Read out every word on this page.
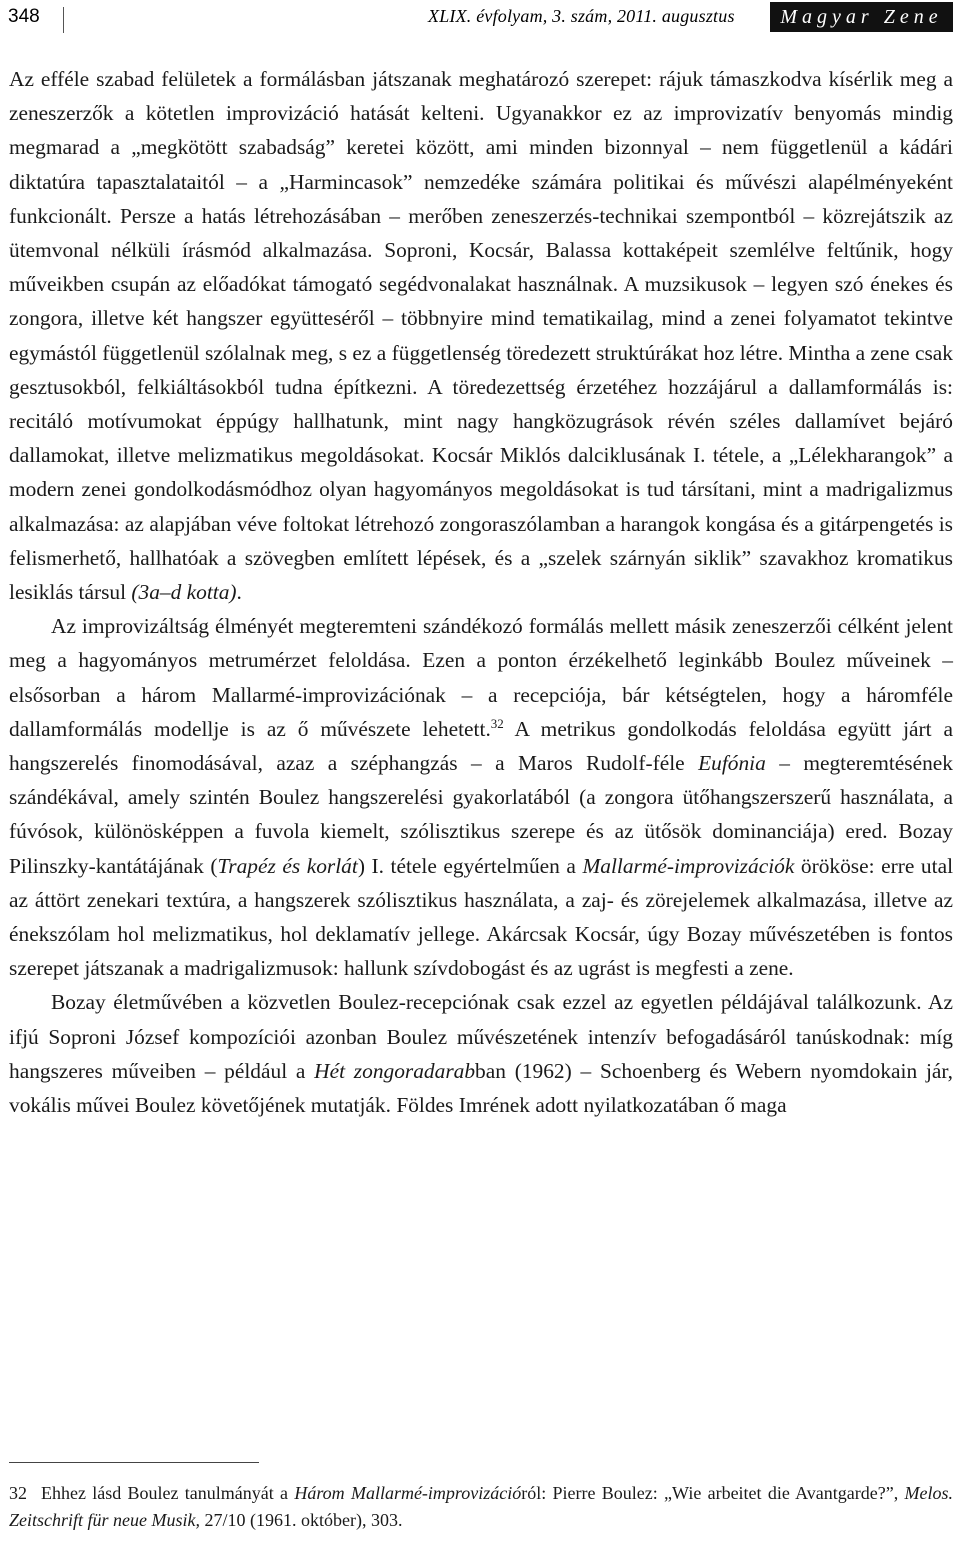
348	XLIX. évfolyam, 3. szám, 2011. augusztus	Magyar Zene

Az efféle szabad felületek a formálásban játszanak meghatározó szerepet: rájuk támaszkodva kísérlik meg a zeneszerzők a kötetlen improvizáció hatását kelteni. Ugyanakkor ez az improvizatív benyomás mindig megmarad a „megkötött szabadság” keretei között, ami minden bizonnyal – nem függetlenül a kádári diktatúra tapasztalataitól – a „Harmincasok” nemzedéke számára politikai és művészi alapélményeként funkcionált. Persze a hatás létrehozásában – merőben zeneszerzés-technikai szempontból – közrejátszik az ütemvonal nélküli írásmód alkalmazása. Soproni, Kocsár, Balassa kottaképeit szemlélve feltűnik, hogy műveikben csupán az előadókat támogató segédvonalakat használnak. A muzsikusok – legyen szó énekes és zongora, illetve két hangszer együtteséről – többnyire mind tematikailag, mind a zenei folyamatot tekintve egymástól függetlenül szólalnak meg, s ez a függetlenség töredezett struktúrákat hoz létre. Mintha a zene csak gesztusokból, felkiáltásokból tudna építkezni. A töredezettség érzetéhez hozzájárul a dallamformálás is: recitáló motívumokat éppúgy hallhatunk, mint nagy hangközugrások révén széles dallamívet bejáró dallamokat, illetve melizmatikus megoldásokat. Kocsár Miklós dalciklusának I. tétele, a „Lélekharangok” a modern zenei gondolkodásmódhoz olyan hagyományos megoldásokat is tud társítani, mint a madrigalizmus alkalmazása: az alapjában véve foltokat létrehozó zongoraszólamban a harangok kongása és a gitárpengetés is felismerhető, hallhatóak a szövegben említett lépések, és a „szelek szárnyán siklik” szavakhoz kromatikus lesiklás társul (3a–d kotta).

Az improvizáltság élményét megteremteni szándékozó formálás mellett másik zeneszerzői célként jelent meg a hagyományos metrumérzet feloldása. Ezen a ponton érzékelhető leginkább Boulez műveinek – elsősorban a három Mallarmé-improvizációnak – a recepciója, bár kétségtelen, hogy a háromféle dallamformálás modellje is az ő művészete lehetett.$^{32}$ A metrikus gondolkodás feloldása együtt járt a hangszerelés finomodásával, azaz a széphangzás – a Maros Rudolf-féle Eufónia – megteremtésének szándékával, amely szintén Boulez hangszerelési gyakorlatából (a zongora ütőhangszerszerű használata, a fúvósok, különösképpen a fuvola kiemelt, szólisztikus szerepe és az ütősök dominanciája) ered. Bozay Pilinszky-kantátájának (Trapéz és korlát) I. tétele egyértelműen a Mallarmé-improvizációk örököse: erre utal az áttört zenekari textúra, a hangszerek szólisztikus használata, a zaj- és zörejelemek alkalmazása, illetve az énekszólam hol melizmatikus, hol deklamatív jellege. Akárcsak Kocsár, úgy Bozay művészetében is fontos szerepet játszanak a madrigalizmusok: hallunk szívdobogást és az ugrást is megfesti a zene.

Bozay életművében a közvetlen Boulez-recepciónak csak ezzel az egyetlen példájával találkozunk. Az ifjú Soproni József kompozíciói azonban Boulez művészetének intenzív befogadásáról tanúskodnak: míg hangszeres műveiben – például a Hét zongoradarabban (1962) – Schoenberg és Webern nyomdokain jár, vokális művei Boulez követőjének mutatják. Földes Imrének adott nyilatkozatában ő maga

32 Ehhez lásd Boulez tanulmányát a Három Mallarmé-improvizációról: Pierre Boulez: „Wie arbeitet die Avantgarde?”, Melos. Zeitschrift für neue Musik, 27/10 (1961. október), 303.
